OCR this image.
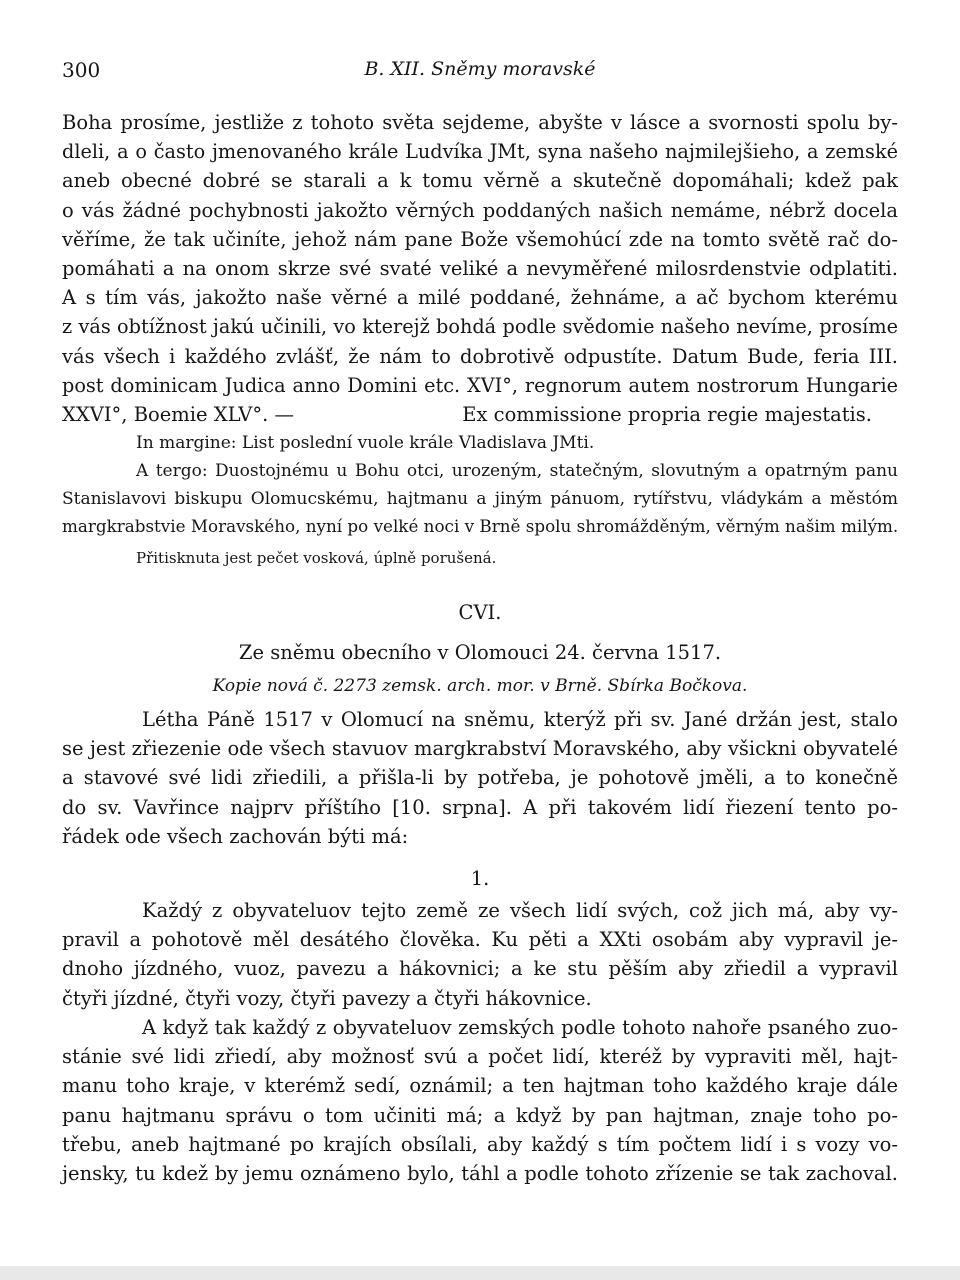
300	B. XII. Sněmy moravské
Boha prosíme, jestliže z tohoto světa sejdeme, abyšte v lásce a svornosti spolu by-
dleli, a o často jmenovaného krále Ludvíka JMt, syna našeho najmilejšieho, a zemské
aneb obecné dobré se starali a k tomu věrně a skutečně dopomáhali; kdež pak
o vás žádné pochybnosti jakožto věrných poddaných našich nemáme, nébrž docela
věříme, že tak učiníte, jehož nám pane Bože všemohúcí zde na tomto světě rač do-
pomáhati a na onom skrze své svaté veliké a nevyměřené milosrdenstvie odplatiti.
A s tím vás, jakožto naše věrné a milé poddané, žehnáme, a ač bychom kterému
z vás obtížnost jakú učinili, vo kterejž bohdá podle svědomie našeho nevíme, prosíme
vás všech i každého zvlášť, že nám to dobrotivě odpustíte. Datum Bude, feria III.
post dominicam Judica anno Domini etc. XVI°, regnorum autem nostrorum Hungarie
XXVI°, Boemie XLV°. —	Ex commissione propria regie majestatis.

In margine: List poslední vuole krále Vladislava JMti.

A tergo: Duostojnému u Bohu otci, urozeným, statečným, slovutným a opatrným panu
Stanislavovi biskupu Olomucskému, hajtmanu a jiným pánuom, rytířstvu, vládykám a městóm
margkrabstvie Moravského, nyní po velké noci v Brně spolu shromážděným, věrným našim milým.

Přitisknuta jest pečet vosková, úplně porušená.

CVI.
Ze sněmu obecního v Olomouci 24. června 1517.
Kopie nová č. 2273 zemsk. arch. mor. v Brně. Sbírka Bočkova.
Létha Páně 1517 v Olomucí na sněmu, kterýž při sv. Jané držán jest, stalo
se jest zřiezenie ode všech stavuov margkrabství Moravského, aby všickni obyvatelé
a stavové své lidi zřiedili, a přišla-li by potřeba, je pohotově jměli, a to konečně
do sv. Vavřince najprv příštího [10. srpna]. A při takovém lidí řiezení tento po-
řádek ode všech zachován býti má:
1.
Každý z obyvateluov tejto země ze všech lidí svých, což jich má, aby vy-
pravil a pohotově měl desátého člověka. Ku pěti a XXti osobám aby vypravil je-
dnoho jízdného, vuoz, pavezu a hákovnici; a ke stu pěším aby zřiedil a vypravil
čtyři jízdné, čtyři vozy, čtyři pavezy a čtyři hákovnice.
A když tak každý z obyvateluov zemských podle tohoto nahoře psaného zuo-
stánie své lidi zřiedí, aby možnosť svú a počet lidí, kteréž by vypraviti měl, hajt-
manu toho kraje, v kterémž sedí, oznámil; a ten hajtman toho každého kraje dále
panu hajtmanu správu o tom učiniti má; a když by pan hajtman, znaje toho po-
třebu, aneb hajtmané po krajích obsílali, aby každý s tím počtem lidí i s vozy vo-
jensky, tu kdež by jemu oznámeno bylo, táhl a podle tohoto zřízenie se tak zachoval.
